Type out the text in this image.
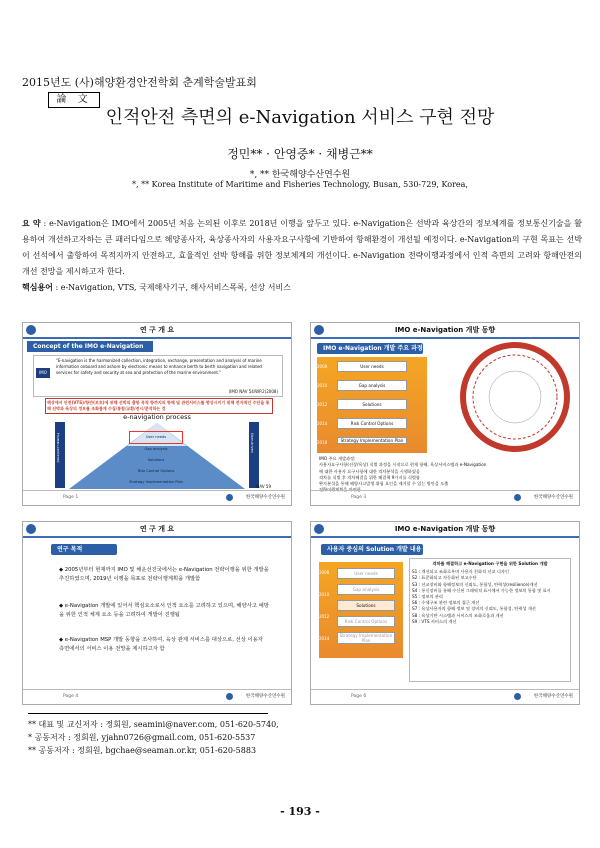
2015년도 (사)해양환경안전학회 춘계학술발표회
論 文
인적안전 측면의 e-Navigation 서비스 구현 전망
정민** · 안영중* · 채병근**
*, ** 한국해양수산연수원
*, ** Korea Institute of Maritime and Fisheries Technology, Busan, 530-729, Korea,
요 약 : e-Navigation은 IMO에서 2005년 처음 논의된 이후로 2018년 이행을 앞두고 있다. e-Navigation은 선박과 육상간의 정보체계를 정보통신기술을 활용하여 개선하고자하는 큰 패러다임으로 해양종사자, 육상종사자의 사용자요구사항에 기반하여 항해환경이 개선될 예정이다. e-Navigation의 구현 목표는 선박이 선석에서 출항하여 목적지까지 안전하고, 효율적인 선박 항해를 위한 정보체계의 개선이다. e-Navigation 전략이행과정에서 인적 측면의 고려와 항해안전의 개선 전망을 제시하고자 한다.
핵심용어 : e-Navigation, VTS, 국제해사기구, 해사서비스목록, 선상 서비스
연 구 개 요
Concept of the IMO e-Navigation
IMO
"E-navigation is the harmonized collection, integration, exchange, presentation and analysis of marine information onboard and ashore by electronic means to enhance berth to berth navigation and related services for safety and security at sea and protection of the marine environment."
(IMO NAV 54/WP.2(2008)
해상에서 안전(VTS)/항만(보호)에 위해 선박의 출항 목적 항까지의 항해 및 관련서비스를 향상시키기 위해 전자적인 수단을 통해 선박과 육상의 정보를 조화롭게 수집/통합/교환/전시/분석하는 것
e-navigation process
Human-centered	User-driven
User needs
Gap analysis
Solutions
Risk Control Options
Strategy Implementation Plan
NAV 59
Page 1	한국해양수산연수원
IMO e-Navigation 개발 동향
IMO e-Navigation 개발 주요 과정
2008
2010
2012
2014
2018
User needs
Gap analysis
Solutions
Risk Control Options
Strategy Implementation Plan
IMO 주요 개발과정:
사용자요구사항(선상/육상) 식별 과정을 시작으로 현재 항해, 육상서비스템과 e-Navigation
에 대한 사용자 요구사항에 대한 격차분석을 시행하였음
격차를 식별 후 격차해결을 위한 해결책 9가지를 식별함
완자분석을 통해 해양사고발생 위험 요인을 제거할 수 있는 방안을 도출
전략이행계획을 마련함
Page 3	한국해양수산연수원
연 구 개 요
연구 목적
◆ 2005년부터 현재까지 IMO 및 해운선진국에서는 e-Navigation 전략이행을 위한 개발을 추진하였으며, 2019년 이행을 목표로 전략이행계획을 개발함
◆ e-Navigation 개발에 있어서 핵심요소로서 인적 요소를 고려하고 있으며, 해양사고 예방을 위한 인적 체계 요소 등을 고려하여 개발이 진행됨
◆ e-Navigation MSP 개발 동향을 조사하여, 육상 관제 서비스를 대상으로, 선상 이용자 측면에서의 서비스 이용 전망을 제시하고자 함
Page 4	한국해양수산연수원
IMO e-Navigation 개발 동향
사용자 중심의 Solution 개발 내용
2008
2010
2012
2014
User needs
Gap analysis
Solutions
Risk Control Options
Strategy Implementation Plan
격차를 해결하고 e-Navigation 구현을 위한 Solution 개발
S1 : 개선되고 조화로우며 사용자 친화적 선교 디자인
S2 : 표준화되고 자동화된 보고수단
S3 : 선교장비와 항해정보의 신뢰도, 통합성, 탄력성(resilience)개선
S4 : 통신장비를 통해 수신된 그래픽적 표시에서 가능한 정보의 통합 및 표시
S5 : 정보의 관리
S6 : 수색구조 관련 정보의 접근 개선
S7 : 육상사용자의 항해 정보 및 장비의 신뢰도, 통합성, 탄력성 개선
S8 : 육상기반 시스템과 서비스의 조화로움과 개선
S9 : VTS 서비스의 개선
Page 6	한국해양수산연수원
** 대표 및 교신저자 : 정회원, seamini@naver.com, 051-620-5740,
* 공동저자 : 정회원, yjahn0726@gmail.com, 051-620-5537
** 공동저자 : 정회원, bgchae@seaman.or.kr, 051-620-5883
- 193 -
